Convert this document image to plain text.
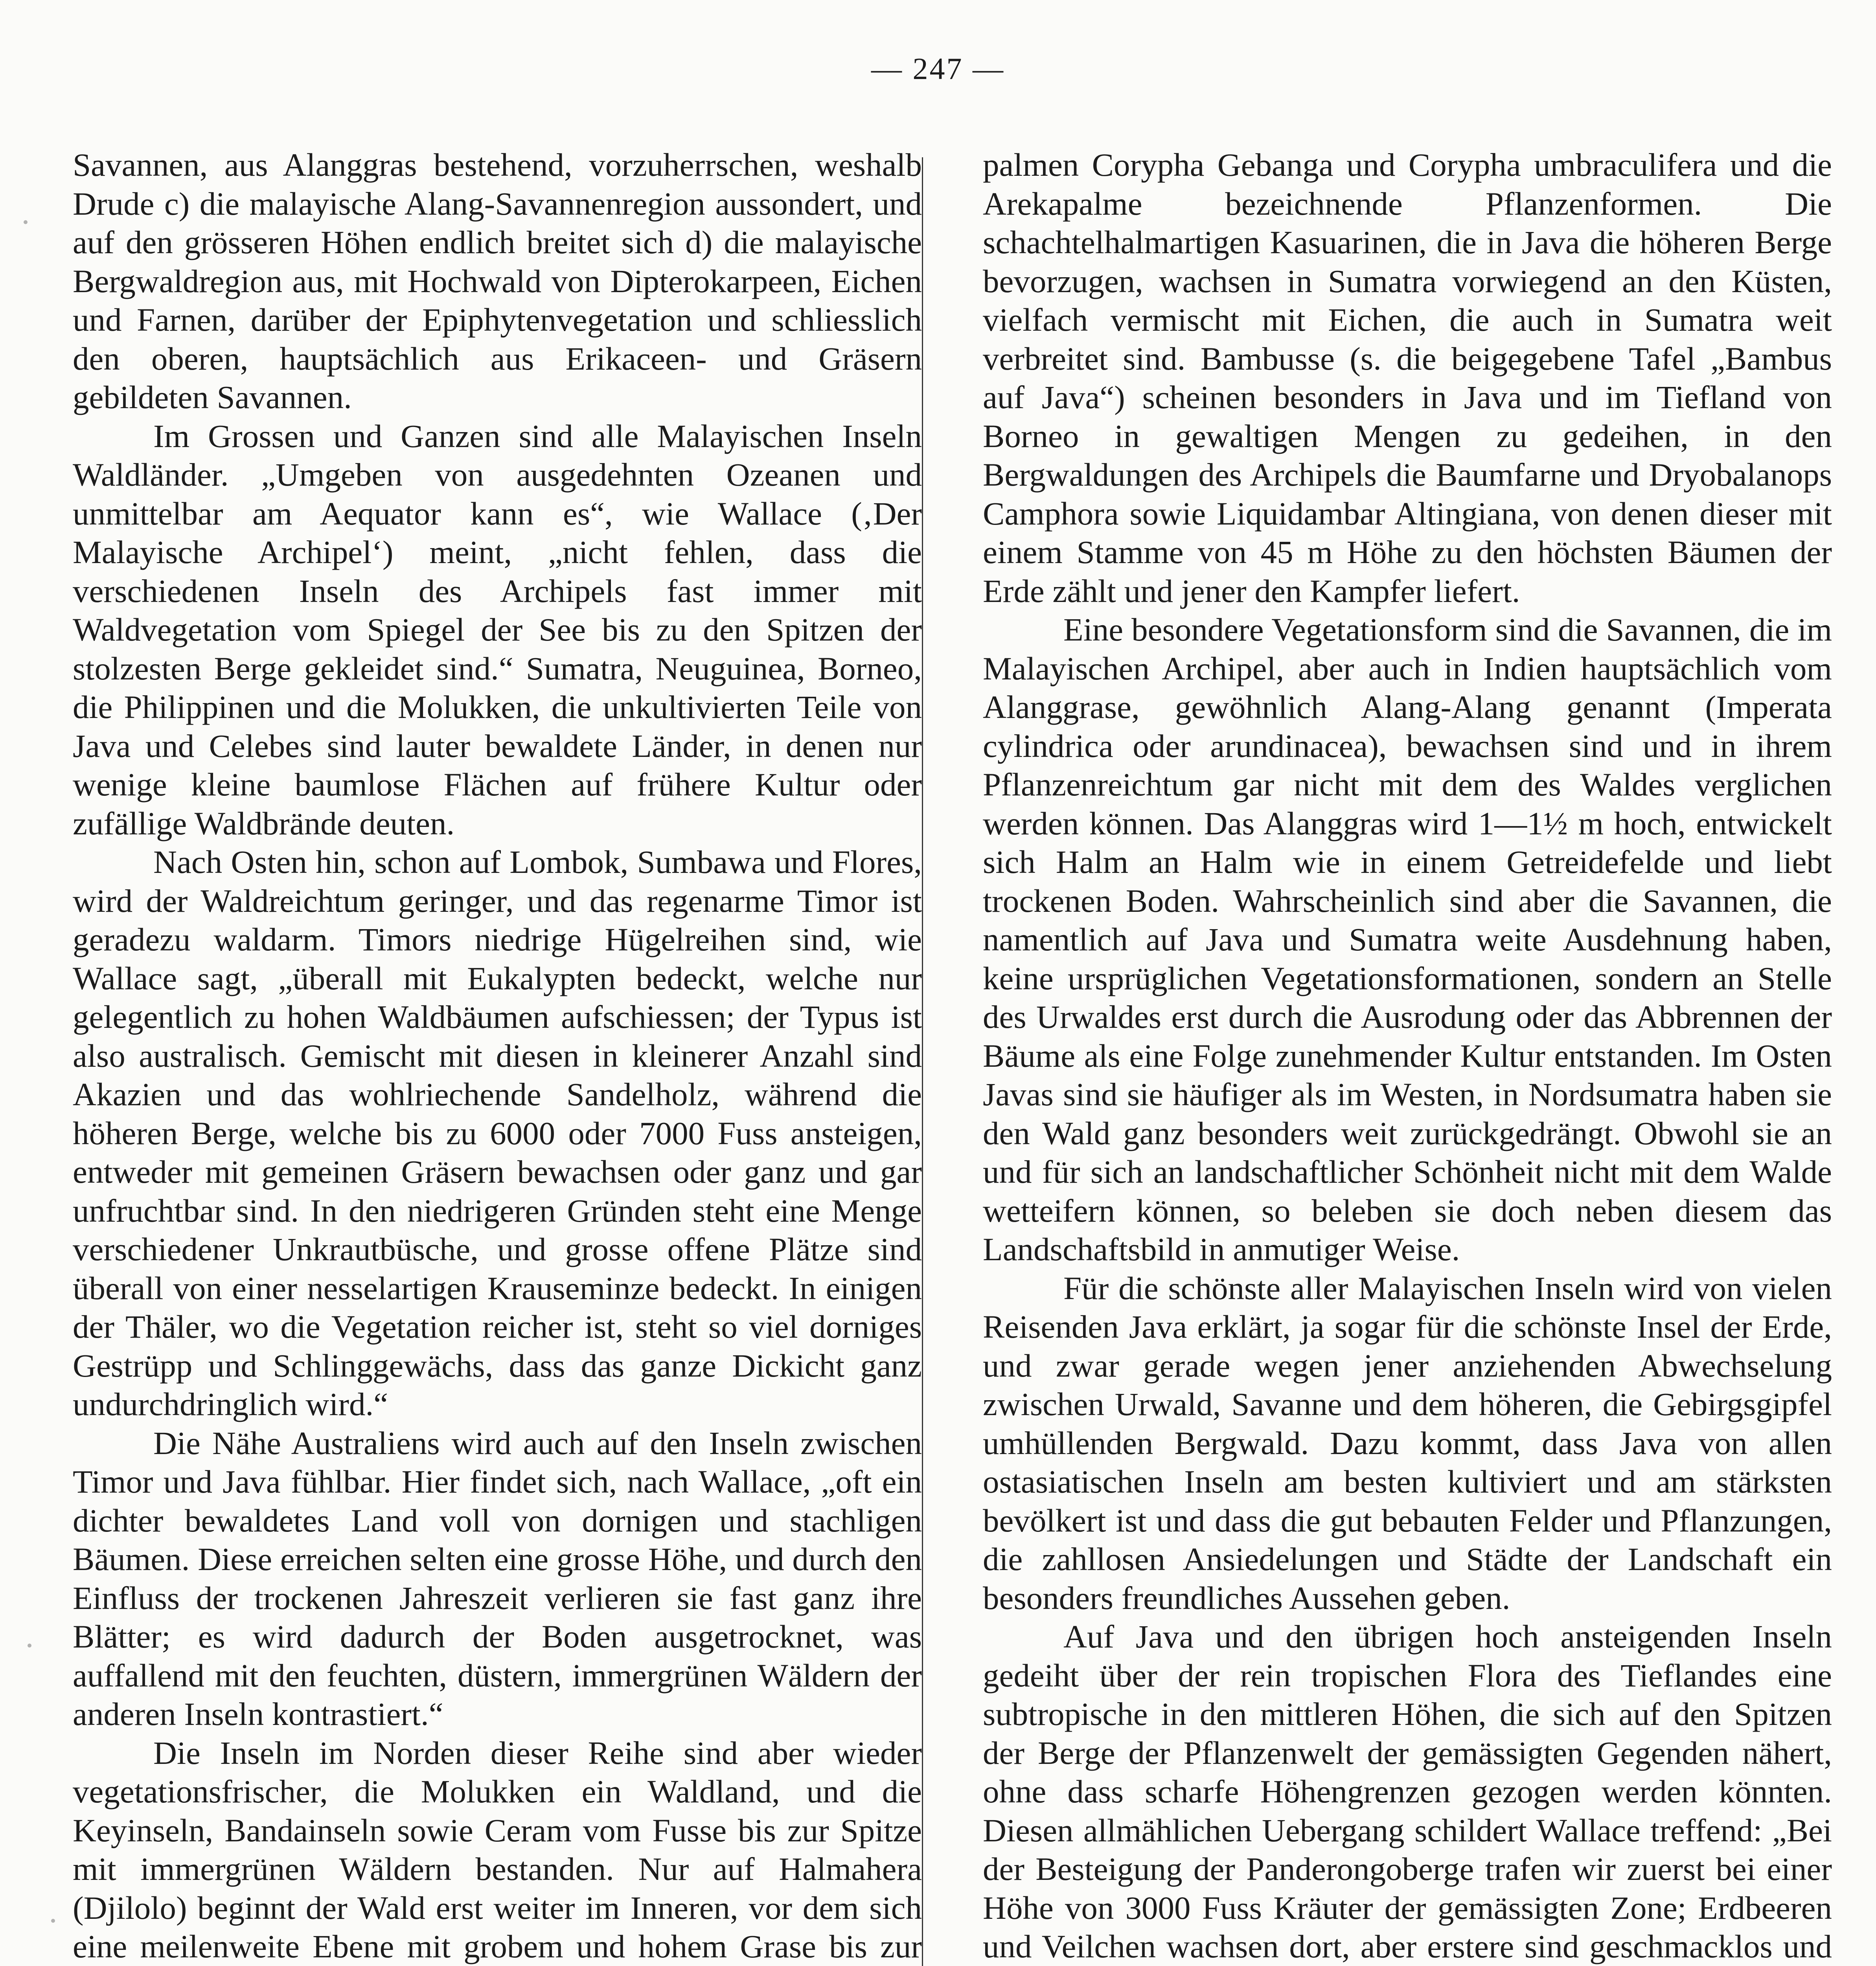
— 247 —

Savannen, aus Alanggras bestehend, vorzuherrschen, weshalb Drude c) die malayische Alang-Savannenregion aussondert, und auf den grösseren Höhen endlich breitet sich d) die malayische Bergwaldregion aus, mit Hochwald von Dipterokarpeen, Eichen und Farnen, darüber der Epiphytenvegetation und schliesslich den oberen, hauptsächlich aus Erikaceen- und Gräsern gebildeten Savannen.

Im Grossen und Ganzen sind alle Malayischen Inseln Waldländer. „Umgeben von ausgedehnten Ozeanen und unmittelbar am Aequator kann es“, wie Wallace (‚Der Malayische Archipel‘) meint, „nicht fehlen, dass die verschiedenen Inseln des Archipels fast immer mit Waldvegetation vom Spiegel der See bis zu den Spitzen der stolzesten Berge gekleidet sind.“ Sumatra, Neuguinea, Borneo, die Philippinen und die Molukken, die unkultivierten Teile von Java und Celebes sind lauter bewaldete Länder, in denen nur wenige kleine baumlose Flächen auf frühere Kultur oder zufällige Waldbrände deuten.

Nach Osten hin, schon auf Lombok, Sumbawa und Flores, wird der Waldreichtum geringer, und das regenarme Timor ist geradezu waldarm. Timors niedrige Hügelreihen sind, wie Wallace sagt, „überall mit Eukalypten bedeckt, welche nur gelegentlich zu hohen Waldbäumen aufschiessen; der Typus ist also australisch. Gemischt mit diesen in kleinerer Anzahl sind Akazien und das wohlriechende Sandelholz, während die höheren Berge, welche bis zu 6000 oder 7000 Fuss ansteigen, entweder mit gemeinen Gräsern bewachsen oder ganz und gar unfruchtbar sind. In den niedrigeren Gründen steht eine Menge verschiedener Unkrautbüsche, und grosse offene Plätze sind überall von einer nesselartigen Krauseminze bedeckt. In einigen der Thäler, wo die Vegetation reicher ist, steht so viel dorniges Gestrüpp und Schlinggewächs, dass das ganze Dickicht ganz undurchdringlich wird.“

Die Nähe Australiens wird auch auf den Inseln zwischen Timor und Java fühlbar. Hier findet sich, nach Wallace, „oft ein dichter bewaldetes Land voll von dornigen und stachligen Bäumen. Diese erreichen selten eine grosse Höhe, und durch den Einfluss der trockenen Jahreszeit verlieren sie fast ganz ihre Blätter; es wird dadurch der Boden ausgetrocknet, was auffallend mit den feuchten, düstern, immergrünen Wäldern der anderen Inseln kontrastiert.“

Die Inseln im Norden dieser Reihe sind aber wieder vegetationsfrischer, die Molukken ein Waldland, und die Keyinseln, Bandainseln sowie Ceram vom Fusse bis zur Spitze mit immergrünen Wäldern bestanden. Nur auf Halmahera (Djilolo) beginnt der Wald erst weiter im Inneren, vor dem sich eine meilenweite Ebene mit grobem und hohem Grase bis zur

palmen Corypha Gebanga und Corypha umbraculifera und die Arekapalme bezeichnende Pflanzenformen. Die schachtelhalmartigen Kasuarinen, die in Java die höheren Berge bevorzugen, wachsen in Sumatra vorwiegend an den Küsten, vielfach vermischt mit Eichen, die auch in Sumatra weit verbreitet sind. Bambusse (s. die beigegebene Tafel „Bambus auf Java“) scheinen besonders in Java und im Tiefland von Borneo in gewaltigen Mengen zu gedeihen, in den Bergwaldungen des Archipels die Baumfarne und Dryobalanops Camphora sowie Liquidambar Altingiana, von denen dieser mit einem Stamme von 45 m Höhe zu den höchsten Bäumen der Erde zählt und jener den Kampfer liefert.

Eine besondere Vegetationsform sind die Savannen, die im Malayischen Archipel, aber auch in Indien hauptsächlich vom Alanggrase, gewöhnlich Alang-Alang genannt (Imperata cylindrica oder arundinacea), bewachsen sind und in ihrem Pflanzenreichtum gar nicht mit dem des Waldes verglichen werden können. Das Alanggras wird 1—1½ m hoch, entwickelt sich Halm an Halm wie in einem Getreidefelde und liebt trockenen Boden. Wahrscheinlich sind aber die Savannen, die namentlich auf Java und Sumatra weite Ausdehnung haben, keine ursprüglichen Vegetationsformationen, sondern an Stelle des Urwaldes erst durch die Ausrodung oder das Abbrennen der Bäume als eine Folge zunehmender Kultur entstanden. Im Osten Javas sind sie häufiger als im Westen, in Nordsumatra haben sie den Wald ganz besonders weit zurückgedrängt. Obwohl sie an und für sich an landschaftlicher Schönheit nicht mit dem Walde wetteifern können, so beleben sie doch neben diesem das Landschaftsbild in anmutiger Weise.

Für die schönste aller Malayischen Inseln wird von vielen Reisenden Java erklärt, ja sogar für die schönste Insel der Erde, und zwar gerade wegen jener anziehenden Abwechselung zwischen Urwald, Savanne und dem höheren, die Gebirgsgipfel umhüllenden Bergwald. Dazu kommt, dass Java von allen ostasiatischen Inseln am besten kultiviert und am stärksten bevölkert ist und dass die gut bebauten Felder und Pflanzungen, die zahllosen Ansiedelungen und Städte der Landschaft ein besonders freundliches Aussehen geben.

Auf Java und den übrigen hoch ansteigenden Inseln gedeiht über der rein tropischen Flora des Tieflandes eine subtropische in den mittleren Höhen, die sich auf den Spitzen der Berge der Pflanzenwelt der gemässigten Gegenden nähert, ohne dass scharfe Höhengrenzen gezogen werden könnten. Diesen allmählichen Uebergang schildert Wallace treffend: „Bei der Besteigung der Panderongoberge trafen wir zuerst bei einer Höhe von 3000 Fuss Kräuter der gemässigten Zone; Erdbeeren und Veilchen wachsen dort, aber erstere sind geschmacklos und
